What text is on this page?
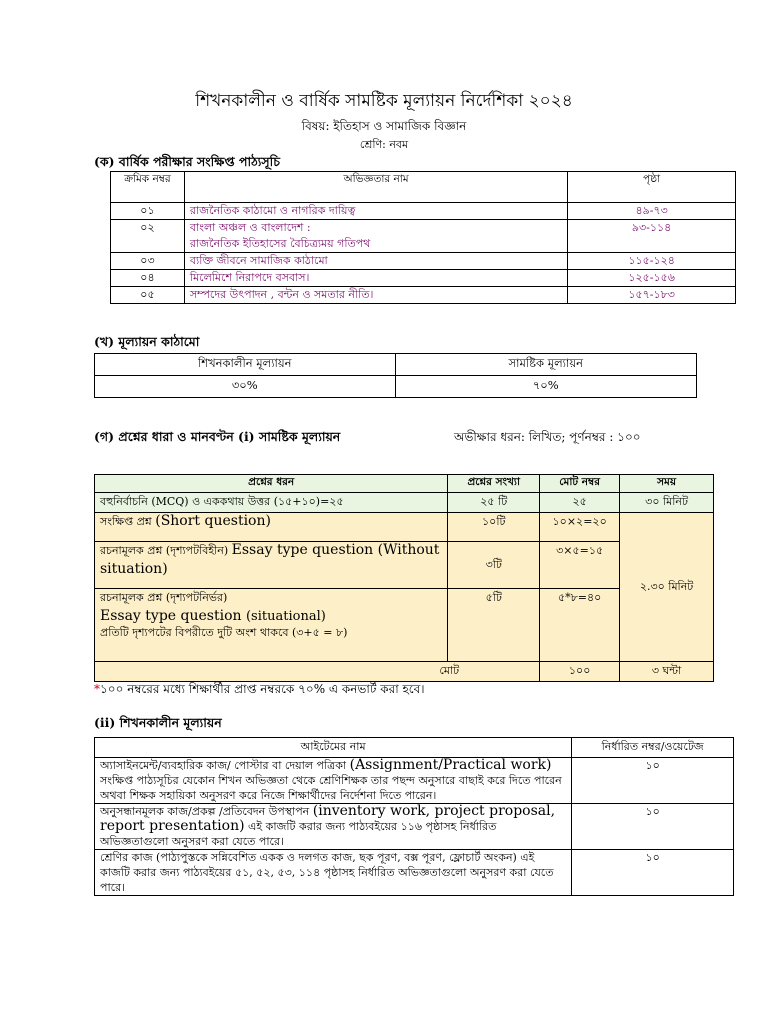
শিখনকালীন ও বার্ষিক সামষ্টিক মূল্যায়ন নির্দেশিকা ২০২৪
বিষয়: ইতিহাস ও সামাজিক বিজ্ঞান
শ্রেণি: নবম
(ক) বার্ষিক পরীক্ষার সংক্ষিপ্ত পাঠ্যসূচি
ক্রমিক নম্বর	অভিজ্ঞতার নাম	পৃষ্ঠা
০১	রাজনৈতিক কাঠামো ও নাগরিক দায়িত্ব	৪৯-৭৩
০২	বাংলা অঞ্চল ও বাংলাদেশ :
রাজনৈতিক ইতিহাসের বৈচিত্র্যময় গতিপথ	৯৩-১১৪
০৩	ব্যক্তি জীবনে সামাজিক কাঠামো	১১৫-১২৪
০৪	মিলেমিশে নিরাপদে বসবাস।	১২৫-১৫৬
০৫	সম্পদের উৎপাদন , বন্টন ও সমতার নীতি।	১৫৭-১৮৩
(খ) মূল্যায়ন কাঠামো
শিখনকালীন মূল্যায়ন	সামষ্টিক মূল্যায়ন
৩০%	৭০%
(গ) প্রশ্নের ধারা ও মানবণ্টন (i) সামষ্টিক মূল্যায়ন	অভীক্ষার ধরন: লিখিত; পূর্ণনম্বর : ১০০
প্রশ্নের ধরন	প্রশ্নের সংখ্যা	মোট নম্বর	সময়
বহুনির্বাচনি (MCQ) ও এককথায় উত্তর (১৫+১০)=২৫	২৫ টি	২৫	৩০ মিনিট
সংক্ষিপ্ত প্রশ্ন (Short question)	১০টি	১০×২=২০	২.৩০ মিনিট
রচনামূলক প্রশ্ন (দৃশ্যপটবিহীন) Essay type question (Without situation)	৩টি	৩×৫=১৫	

রচনামূলক প্রশ্ন (দৃশ্যপটনির্ভর)
Essay type question (situational)
প্রতিটি দৃশ্যপটের বিপরীতে দুটি অংশ থাকবে (৩+৫ = ৮)	৫টি	৫*৮=৪০	
মোট		১০০	৩ ঘন্টা
*১০০ নম্বরের মধ্যে শিক্ষার্থীর প্রাপ্ত নম্বরকে ৭০% এ কনভার্ট করা হবে।
(ii) শিখনকালীন মূল্যায়ন
আইটেমের নাম	নির্ধারিত নম্বর/ওয়েটেজ
অ্যাসাইনমেন্ট/ব্যবহারিক কাজ/ পোস্টার বা দেয়াল পত্রিকা (Assignment/Practical work) সংক্ষিপ্ত পাঠ্যসূচির যেকোন শিখন অভিজ্ঞতা থেকে শ্রেণিশিক্ষক তার পছন্দ অনুসারে বাছাই করে দিতে পারেন অথবা শিক্ষক সহায়িকা অনুসরণ করে নিজে শিক্ষার্থীদের নির্দেশনা দিতে পারেন।	১০
অনুসন্ধানমূলক কাজ/প্রকল্প /প্রতিবেদন উপস্থাপন (inventory work, project proposal, report presentation) এই কাজটি করার জন্য পাঠ্যবইয়ের ১১৬ পৃষ্ঠাসহ নির্ধারিত অভিজ্ঞতাগুলো অনুসরণ করা যেতে পারে।	১০
শ্রেণির কাজ (পাঠ্যপুস্তকে সন্নিবেশিত একক ও দলগত কাজ, ছক পূরণ, বক্স পূরণ, ফ্লোচার্ট অংকন) এই কাজটি করার জন্য পাঠ্যবইয়ের ৫১, ৫২, ৫৩, ১১৪ পৃষ্ঠাসহ নির্ধারিত অভিজ্ঞতাগুলো অনুসরণ করা যেতে পারে।	১০
